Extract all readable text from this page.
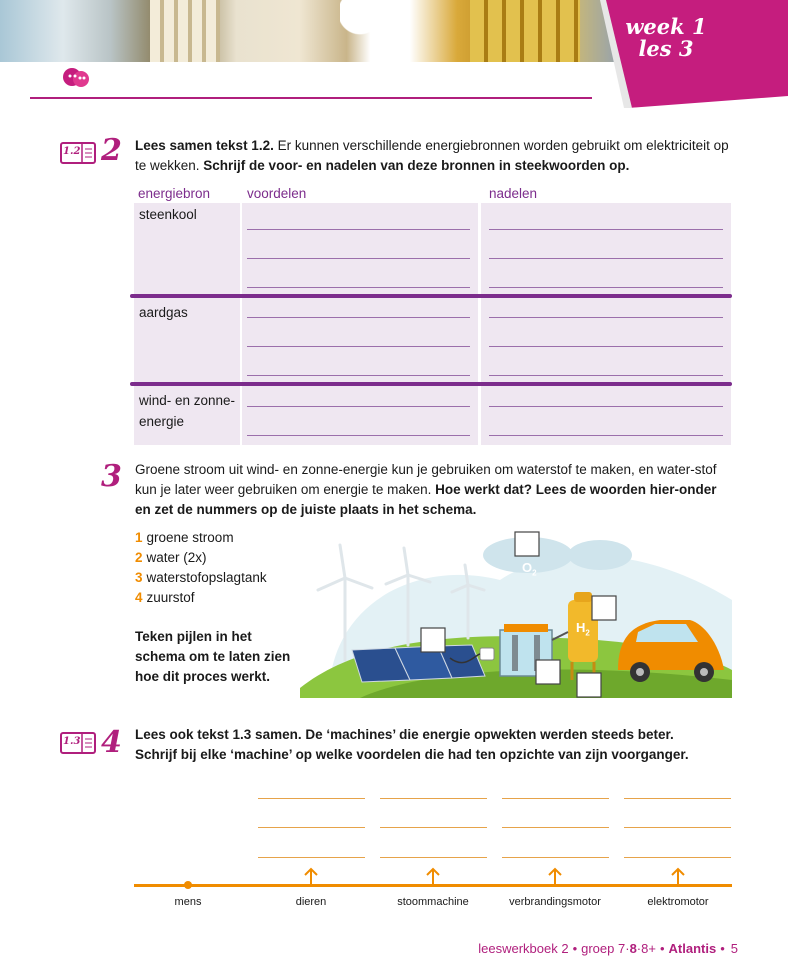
week 1
les 3
1.2 2 Lees samen tekst 1.2. Er kunnen verschillende energiebronnen worden gebruikt om elektriciteit op te wekken. Schrijf de voor- en nadelen van deze bronnen in steekwoorden op.
energiebron	voordelen	nadelen
steenkool
aardgas
wind- en zonne-energie
3 Groene stroom uit wind- en zonne-energie kun je gebruiken om waterstof te maken, en water-stof kun je later weer gebruiken om energie te maken. Hoe werkt dat? Lees de woorden hier-onder en zet de nummers op de juiste plaats in het schema.
1 groene stroom
2 water (2x)
3 waterstofopslagtank
4 zuurstof
Teken pijlen in het schema om te laten zien hoe dit proces werkt.
$O_2$
$H_2$
1.3 4 Lees ook tekst 1.3 samen. De ‘machines’ die energie opwekten werden steeds beter.
Schrijf bij elke ‘machine’ op welke voordelen die had ten opzichte van zijn voorganger.
mens	dieren	stoommachine	verbrandingsmotor	elektromotor
leeswerkboek 2 • groep 7·8·8+ • Atlantis • 5
